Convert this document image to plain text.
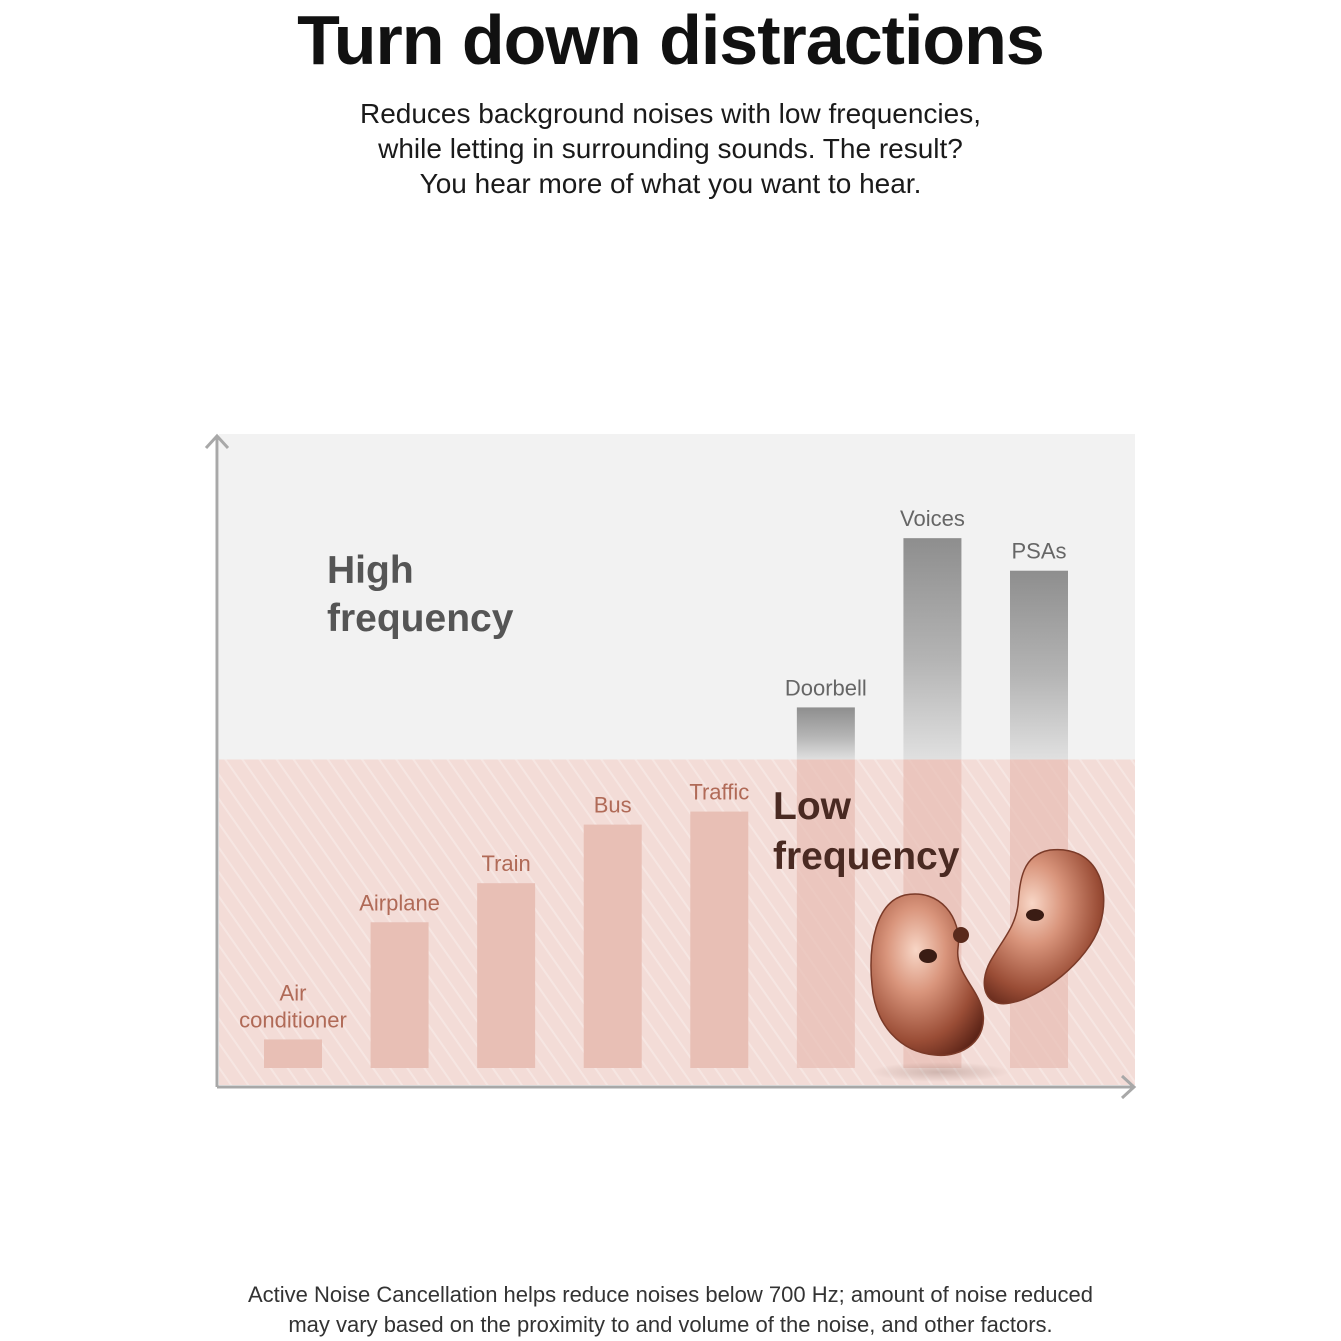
Turn down distractions
Reduces background noises with low frequencies,
while letting in surrounding sounds. The result?
You hear more of what you want to hear.
Air conditioner
Airplane
Train
Bus
Traffic
Doorbell
Voices
PSAs
High frequency
Low frequency
Active Noise Cancellation helps reduce noises below 700 Hz; amount of noise reduced
may vary based on the proximity to and volume of the noise, and other factors.
